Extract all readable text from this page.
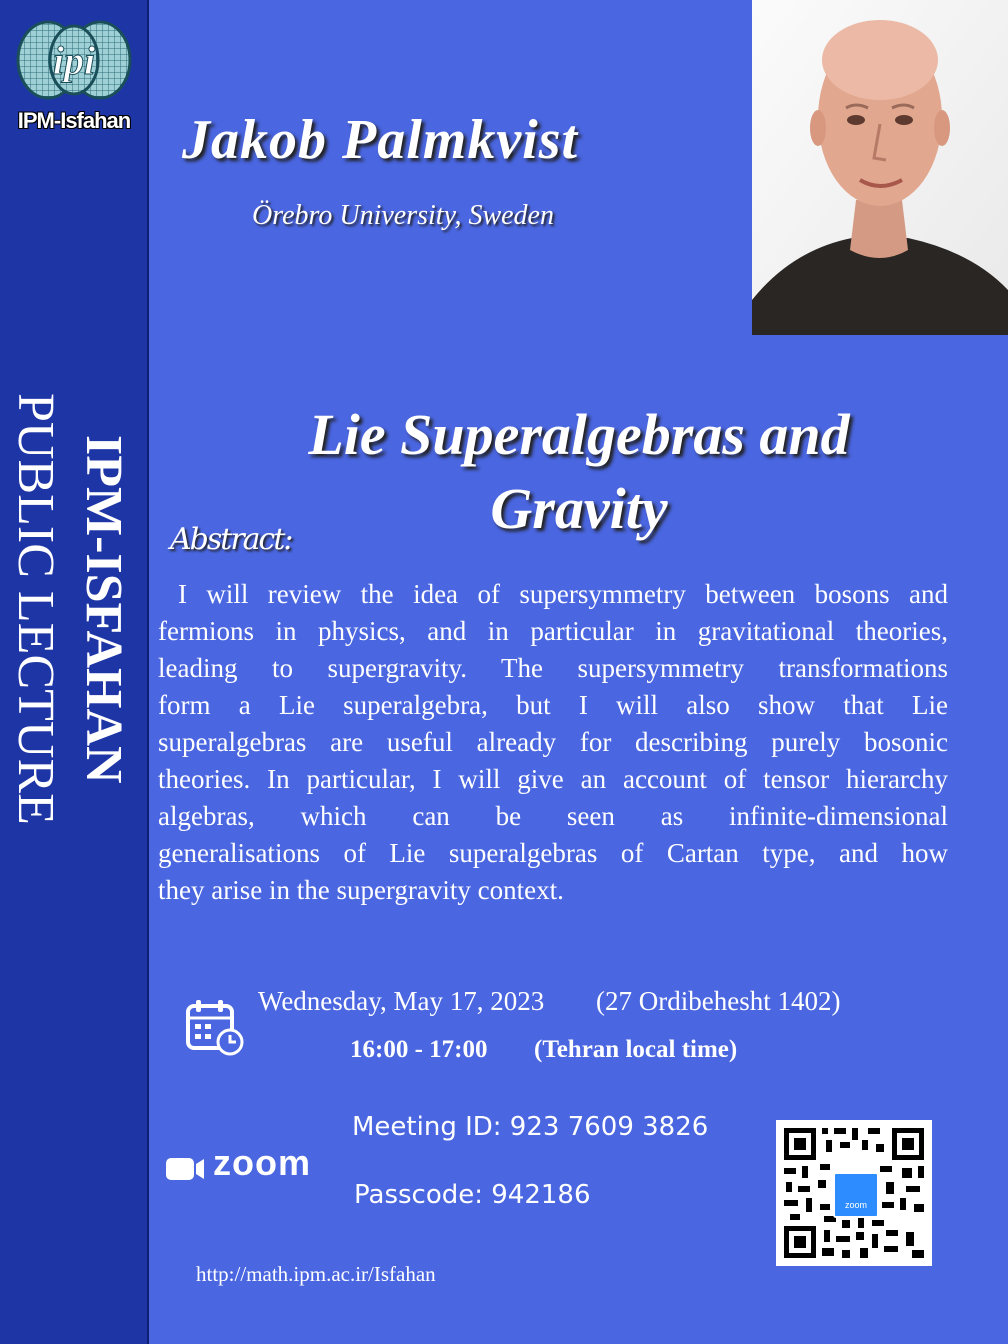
ipi
IPM-Isfahan
IPM-ISFAHAN
PUBLIC LECTURE
Jakob Palmkvist
Örebro University, Sweden
Lie Superalgebras and
Gravity
Abstract:
I will review the idea of supersymmetry between bosons and
fermions in physics, and in particular in gravitational theories,
leading to supergravity. The supersymmetry transformations
form a Lie superalgebra, but I will also show that Lie
superalgebras are useful already for describing purely bosonic
theories. In particular, I will give an account of tensor hierarchy
algebras, which can be seen as infinite-dimensional
generalisations of Lie superalgebras of Cartan type, and how
they arise in the supergravity context.
Wednesday, May 17, 2023 (27 Ordibehesht 1402)
16:00 - 17:00 (Tehran local time)
zoom
Meeting ID: 923 7609 3826
Passcode: 942186	zoom
http://math.ipm.ac.ir/Isfahan
